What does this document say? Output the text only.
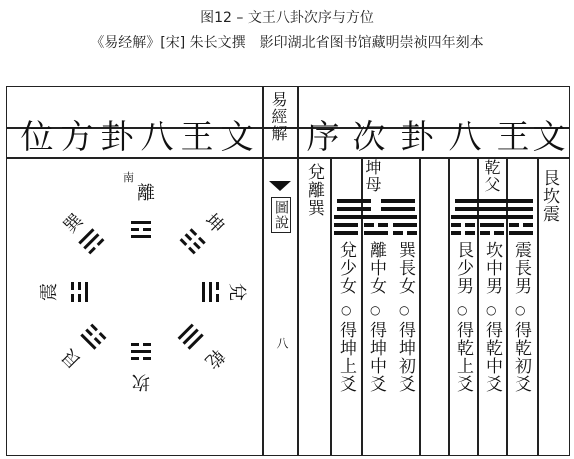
图12 – 文王八卦次序与方位
《易经解》[宋] 朱长文撰　影印湖北省图书馆藏明崇祯四年刻本
位 方 卦 八 王 文 序 次 卦 八 王 文
易經解
圖說
八
兌離巽 坤母	乾父 艮坎震
兌少女 離中女 巽長女 艮少男 坎中男 震長男
○ ○ ○	○ ○ ○
得坤上爻 得坤中爻 得坤初爻 得乾上爻 得乾中爻 得乾初爻
南
離
坤
兌
乾
坎
艮
震
巽
